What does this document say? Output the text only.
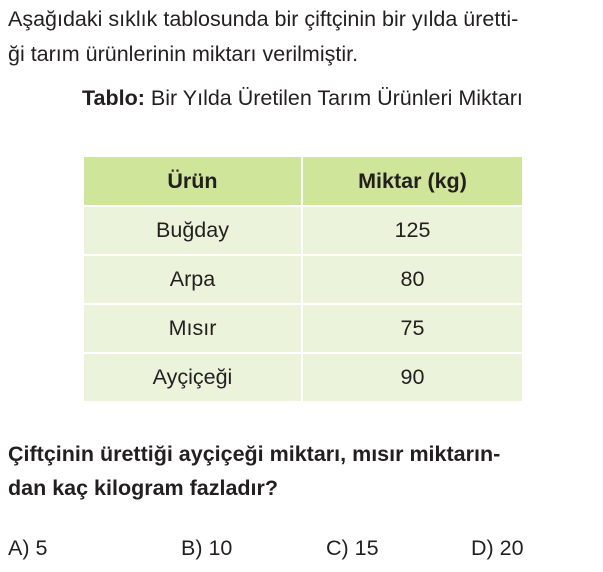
Aşağıdaki sıklık tablosunda bir çiftçinin bir yılda üretti-
ği tarım ürünlerinin miktarı verilmiştir.

Tablo: Bir Yılda Üretilen Tarım Ürünleri Miktarı

Ürün	Miktar (kg)
Buğday	125
Arpa	80
Mısır	75
Ayçiçeği	90

Çiftçinin ürettiği ayçiçeği miktarı, mısır miktarın-
dan kaç kilogram fazladır?

A) 5	B) 10	C) 15	D) 20
